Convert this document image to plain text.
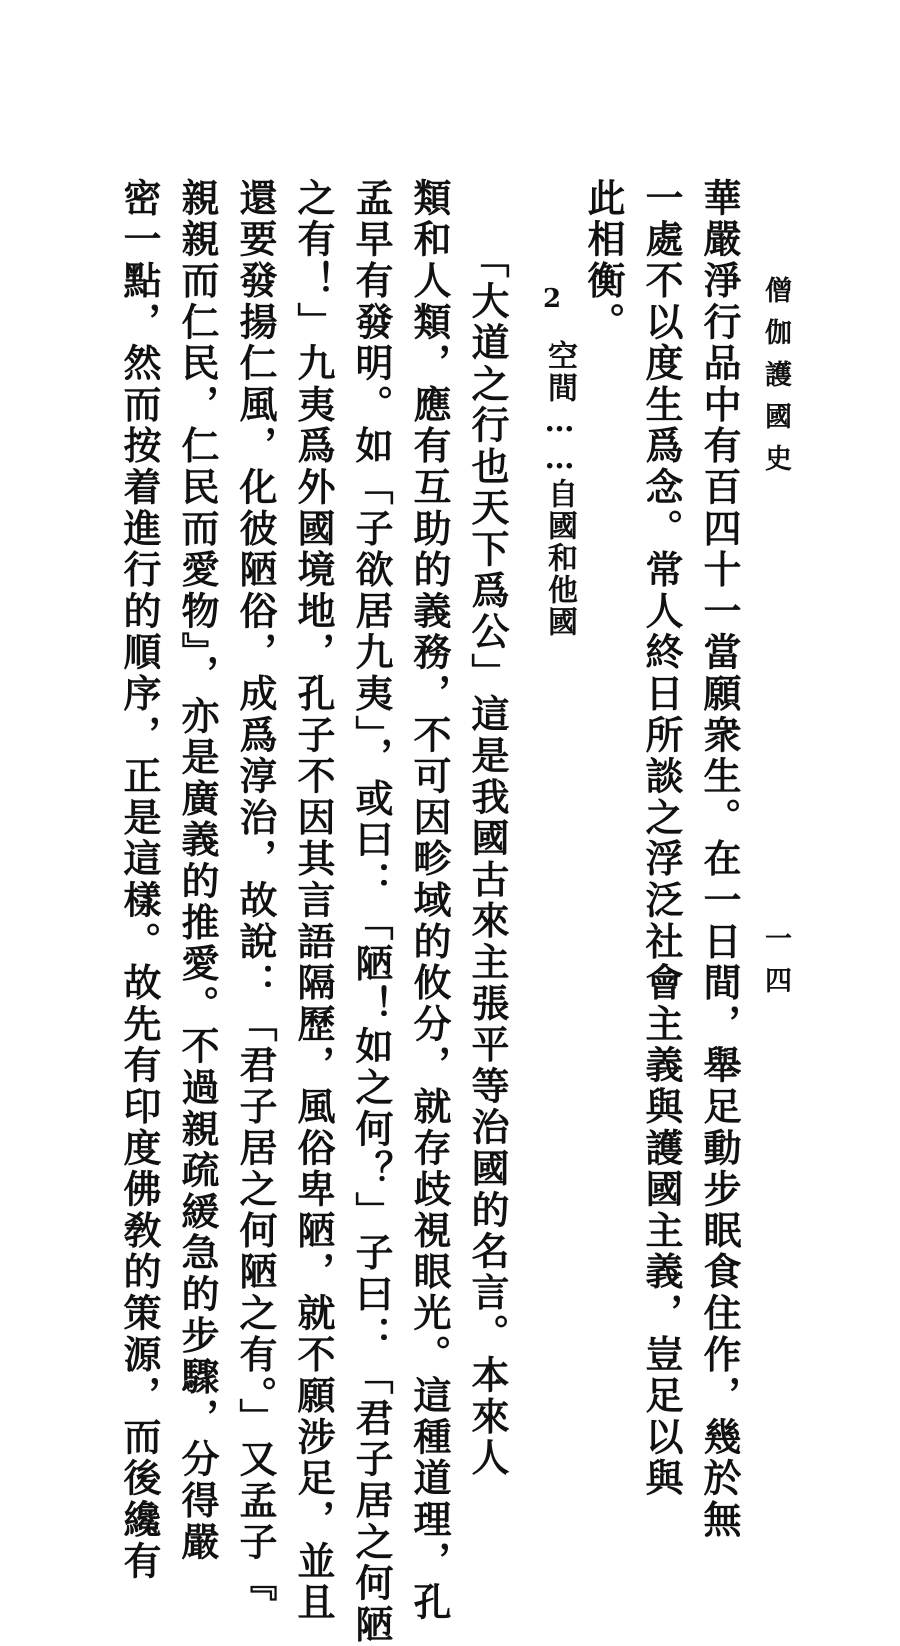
僧伽護國史
一四
華嚴淨行品中有百四十一當願衆生。在一日間，舉足動步眠食住作，幾於無
一處不以度生爲念。常人終日所談之浮泛社會主義與護國主義，豈足以與
此相衡。
2
空間……自國和他國
「大道之行也天下爲公」這是我國古來主張平等治國的名言。本來人
類和人類，應有互助的義務，不可因畛域的攸分，就存歧視眼光。這種道理，孔
孟早有發明。如「子欲居九夷」，或曰：「陋！如之何？」子曰：「君子居之何陋
之有！」九夷爲外國境地，孔子不因其言語隔歷，風俗卑陋，就不願涉足，並且
還要發揚仁風，化彼陋俗，成爲淳治，故說：「君子居之何陋之有。」又孟子『
親親而仁民，仁民而愛物』，亦是廣義的推愛。不過親疏緩急的步驟，分得嚴
密一點，然而按着進行的順序，正是這樣。故先有印度佛敎的策源，而後纔有
